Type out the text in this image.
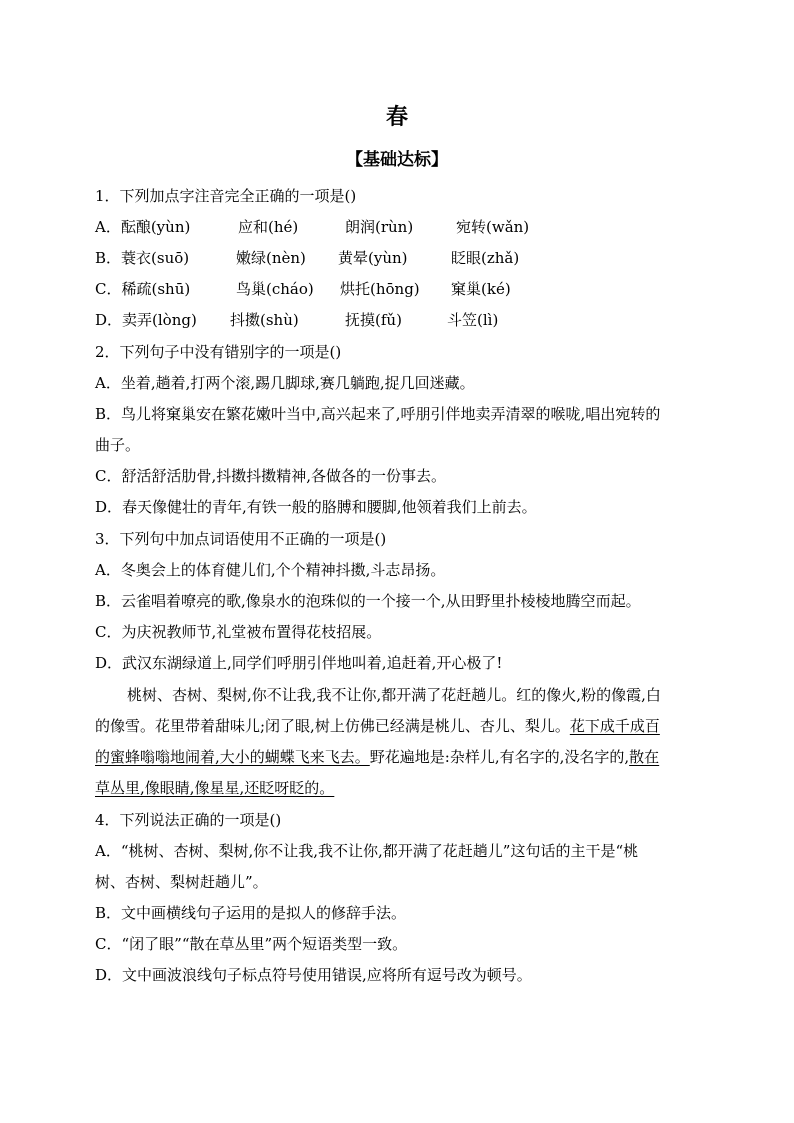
春
【基础达标】
1．下列加点字注音完全正确的一项是()
A．酝酿(yùn)	应和(hé)	朗润(rùn)	宛转(wǎn)
B．蓑衣(suō)	嫩绿(nèn) 黄晕(yùn)	眨眼(zhǎ)
C．稀疏(shū)	鸟巢(cháo) 烘托(hōng) 窠巢(ké)
D．卖弄(lòng) 抖擞(shù)	抚摸(fǔ)	斗笠(lì)
2．下列句子中没有错别字的一项是()
A．坐着,趟着,打两个滚,踢几脚球,赛几躺跑,捉几回迷藏。
B．鸟儿将窠巢安在繁花嫩叶当中,高兴起来了,呼朋引伴地卖弄清翠的喉咙,唱出宛转的
曲子。
C．舒活舒活肋骨,抖擞抖擞精神,各做各的一份事去。
D．春天像健壮的青年,有铁一般的胳膊和腰脚,他领着我们上前去。
3．下列句中加点词语使用不正确的一项是()
A．冬奥会上的体育健儿们,个个精神抖擞,斗志昂扬。
B．云雀唱着嘹亮的歌,像泉水的泡珠似的一个接一个,从田野里扑棱棱地腾空而起。
C．为庆祝教师节,礼堂被布置得花枝招展。
D．武汉东湖绿道上,同学们呼朋引伴地叫着,追赶着,开心极了!
桃树、杏树、梨树,你不让我,我不让你,都开满了花赶趟儿。红的像火,粉的像霞,白
的像雪。花里带着甜味儿;闭了眼,树上仿佛已经满是桃儿、杏儿、梨儿。花下成千成百
的蜜蜂嗡嗡地闹着,大小的蝴蝶飞来飞去。野花遍地是:杂样儿,有名字的,没名字的,散在
草丛里,像眼睛,像星星,还眨呀眨的。
4．下列说法正确的一项是()
A．“桃树、杏树、梨树,你不让我,我不让你,都开满了花赶趟儿”这句话的主干是“桃
树、杏树、梨树赶趟儿”。
B．文中画横线句子运用的是拟人的修辞手法。
C．“闭了眼”“散在草丛里”两个短语类型一致。
D．文中画波浪线句子标点符号使用错误,应将所有逗号改为顿号。
